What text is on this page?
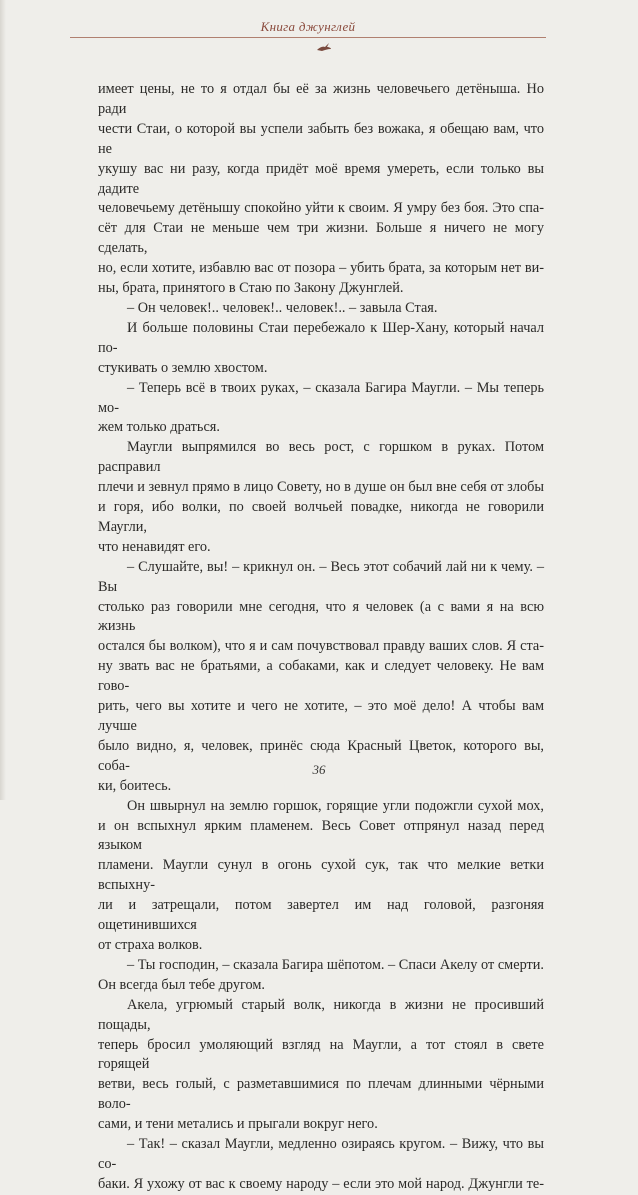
Книга джунглей
имеет цены, не то я отдал бы её за жизнь человечьего детёныша. Но ради
чести Стаи, о которой вы успели забыть без вожака, я обещаю вам, что не
укушу вас ни разу, когда придёт моё время умереть, если только вы дадите
человечьему детёнышу спокойно уйти к своим. Я умру без боя. Это спа-
сёт для Стаи не меньше чем три жизни. Больше я ничего не могу сделать,
но, если хотите, избавлю вас от позора – убить брата, за которым нет ви-
ны, брата, принятого в Стаю по Закону Джунглей.
– Он человек!.. человек!.. человек!.. – завыла Стая.
И больше половины Стаи перебежало к Шер-Хану, который начал по-
стукивать о землю хвостом.
– Теперь всё в твоих руках, – сказала Багира Маугли. – Мы теперь мо-
жем только драться.
Маугли выпрямился во весь рост, с горшком в руках. Потом расправил
плечи и зевнул прямо в лицо Совету, но в душе он был вне себя от злобы
и горя, ибо волки, по своей волчьей повадке, никогда не говорили Маугли,
что ненавидят его.
– Слушайте, вы! – крикнул он. – Весь этот собачий лай ни к чему. – Вы
столько раз говорили мне сегодня, что я человек (а с вами я на всю жизнь
остался бы волком), что я и сам почувствовал правду ваших слов. Я ста-
ну звать вас не братьями, а собаками, как и следует человеку. Не вам гово-
рить, чего вы хотите и чего не хотите, – это моё дело! А чтобы вам лучше
было видно, я, человек, принёс сюда Красный Цветок, которого вы, соба-
ки, боитесь.
Он швырнул на землю горшок, горящие угли подожгли сухой мох,
и он вспыхнул ярким пламенем. Весь Совет отпрянул назад перед языком
пламени. Маугли сунул в огонь сухой сук, так что мелкие ветки вспыхну-
ли и затрещали, потом завертел им над головой, разгоняя ощетинившихся
от страха волков.
– Ты господин, – сказала Багира шёпотом. – Спаси Акелу от смерти.
Он всегда был тебе другом.
Акела, угрюмый старый волк, никогда в жизни не просивший пощады,
теперь бросил умоляющий взгляд на Маугли, а тот стоял в свете горящей
ветви, весь голый, с разметавшимися по плечам длинными чёрными воло-
сами, и тени метались и прыгали вокруг него.
– Так! – сказал Маугли, медленно озираясь кругом. – Вижу, что вы со-
баки. Я ухожу от вас к своему народу – если это мой народ. Джунгли те-
36
